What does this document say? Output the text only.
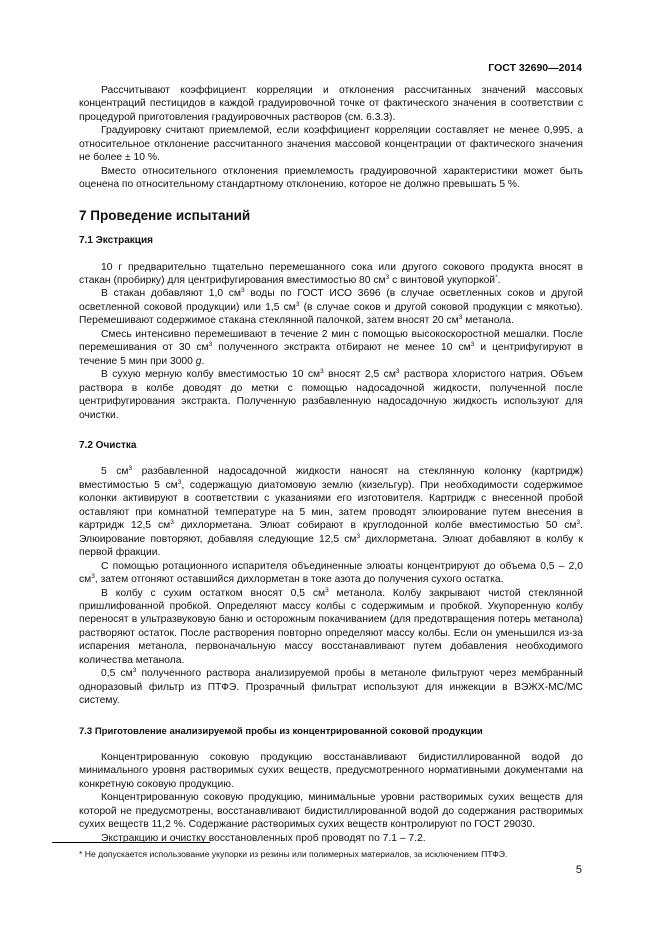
ГОСТ 32690—2014

Рассчитывают коэффициент корреляции и отклонения рассчитанных значений массовых концентраций пестицидов в каждой градуировочной точке от фактического значения в соответствии с процедурой приготовления градуировочных растворов (см. 6.3.3).

Градуировку считают приемлемой, если коэффициент корреляции составляет не менее 0,995, а относительное отклонение рассчитанного значения массовой концентрации от фактического значения не более ± 10 %.

Вместо относительного отклонения приемлемость градуировочной характеристики может быть оценена по относительному стандартному отклонению, которое не должно превышать 5 %.

7 Проведение испытаний
7.1 Экстракция

10 г предварительно тщательно перемешанного сока или другого сокового продукта вносят в стакан (пробирку) для центрифугирования вместимостью 80 $см^3$ с винтовой укупоркой*.

В стакан добавляют 1,0 $см^3$ воды по ГОСТ ИСО 3696 (в случае осветленных соков и другой осветленной соковой продукции) или 1,5 $см^3$ (в случае соков и другой соковой продукции с мякотью). Перемешивают содержимое стакана стеклянной палочкой, затем вносят 20 $см^3$ метанола.

Смесь интенсивно перемешивают в течение 2 мин с помощью высокоскоростной мешалки. После перемешивания от 30 $см^3$ полученного экстракта отбирают не менее 10 $см^3$ и центрифугируют в течение 5 мин при 3000 g.

В сухую мерную колбу вместимостью 10 $см^3$ вносят 2,5 $см^3$ раствора хлористого натрия. Объем раствора в колбе доводят до метки с помощью надосадочной жидкости, полученной после центрифугирования экстракта. Полученную разбавленную надосадочную жидкость используют для очистки.

7.2 Очистка

5 $см^3$ разбавленной надосадочной жидкости наносят на стеклянную колонку (картридж) вместимостью 5 $см^3$, содержащую диатомовую землю (кизельгур). При необходимости содержимое колонки активируют в соответствии с указаниями его изготовителя. Картридж с внесенной пробой оставляют при комнатной температуре на 5 мин, затем проводят элюирование путем внесения в картридж 12,5 $см^3$ дихлорметана. Элюат собирают в круглодонной колбе вместимостью 50 $см^3$. Элюирование повторяют, добавляя следующие 12,5 $см^3$ дихлорметана. Элюат добавляют в колбу к первой фракции.

С помощью ротационного испарителя объединенные элюаты концентрируют до объема 0,5 – 2,0 $см^3$, затем отгоняют оставшийся дихлорметан в токе азота до получения сухого остатка.

В колбу с сухим остатком вносят 0,5 $см^3$ метанола. Колбу закрывают чистой стеклянной пришлифованной пробкой. Определяют массу колбы с содержимым и пробкой. Укупоренную колбу переносят в ультразвуковую баню и осторожным покачиванием (для предотвращения потерь метанола) растворяют остаток. После растворения повторно определяют массу колбы. Если он уменьшился из-за испарения метанола, первоначальную массу восстанавливают путем добавления необходимого количества метанола.

0,5 $см^3$ полученного раствора анализируемой пробы в метаноле фильтруют через мембранный одноразовый фильтр из ПТФЭ. Прозрачный фильтрат используют для инжекции в ВЭЖХ-МС/МС систему.

7.3 Приготовление анализируемой пробы из концентрированной соковой продукции

Концентрированную соковую продукцию восстанавливают бидистиллированной водой до минимального уровня растворимых сухих веществ, предусмотренного нормативными документами на конкретную соковую продукцию.

Концентрированную соковую продукцию, минимальные уровни растворимых сухих веществ для которой не предусмотрены, восстанавливают бидистиллированной водой до содержания растворимых сухих веществ 11,2 %. Содержание растворимых сухих веществ контролируют по ГОСТ 29030.

Экстракцию и очистку восстановленных проб проводят по 7.1 – 7.2.

* Не допускается использование укупорки из резины или полимерных материалов, за исключением ПТФЭ.
5
